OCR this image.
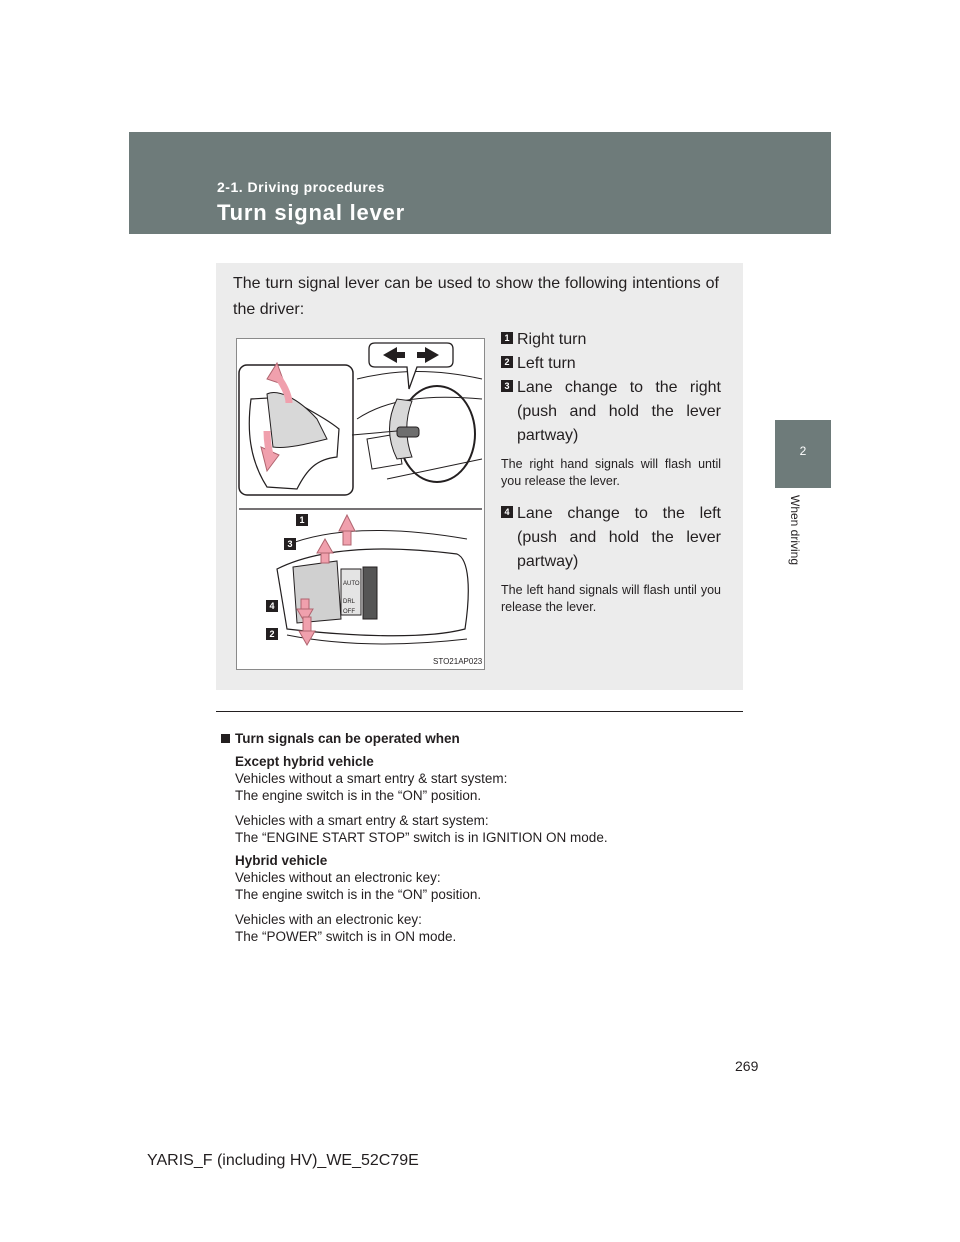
2-1. Driving procedures
Turn signal lever
2
When driving
The turn signal lever can be used to show the following intentions of the driver:
AUTO
DRL
OFF
1
3
4
2
STO21AP023
1 Right turn
2 Left turn
3 Lane change to the right (push and hold the lever partway)
The right hand signals will flash until you release the lever.
4 Lane change to the left (push and hold the lever partway)
The left hand signals will flash until you release the lever.
Turn signals can be operated when
Except hybrid vehicle
Vehicles without a smart entry & start system:
The engine switch is in the “ON” position.
Vehicles with a smart entry & start system:
The “ENGINE START STOP” switch is in IGNITION ON mode.
Hybrid vehicle
Vehicles without an electronic key:
The engine switch is in the “ON” position.
Vehicles with an electronic key:
The “POWER” switch is in ON mode.
269
YARIS_F (including HV)_WE_52C79E
